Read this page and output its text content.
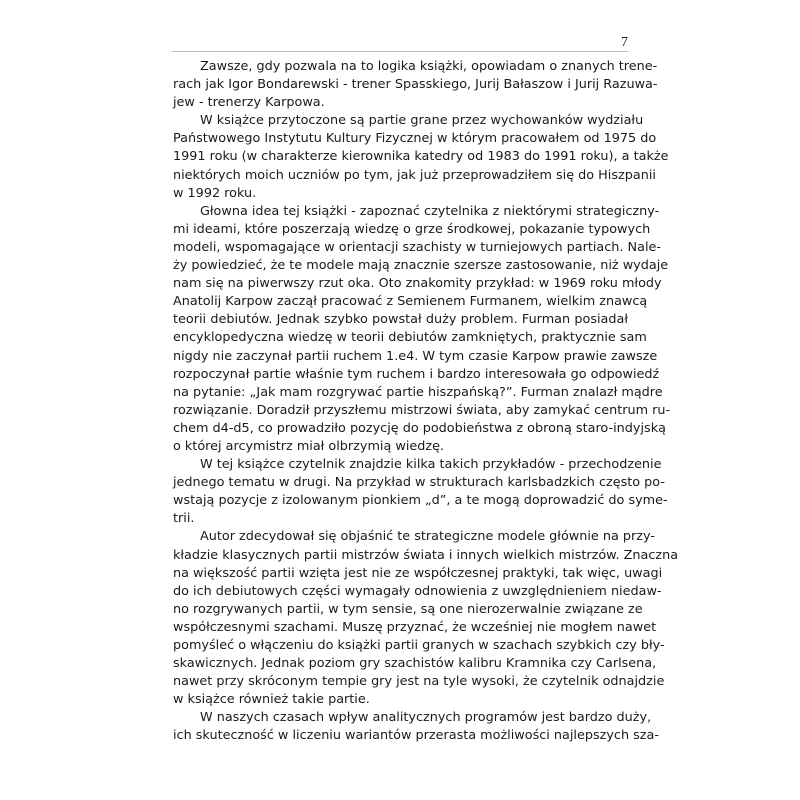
7
Zawsze, gdy pozwala na to logika książki, opowiadam o znanych trene-
rach jak Igor Bondarewski - trener Spasskiego, Jurij Bałaszow i Jurij Razuwa-
jew - trenerzy Karpowa.
W książce przytoczone są partie grane przez wychowanków wydziału
Państwowego Instytutu Kultury Fizycznej w którym pracowałem od 1975 do
1991 roku (w charakterze kierownika katedry od 1983 do 1991 roku), a także
niektórych moich uczniów po tym, jak już przeprowadziłem się do Hiszpanii
w 1992 roku.
Głowna idea tej książki - zapoznać czytelnika z niektórymi strategiczny-
mi ideami, które poszerzają wiedzę o grze środkowej, pokazanie typowych
modeli, wspomagające w orientacji szachisty w turniejowych partiach. Nale-
ży powiedzieć, że te modele mają znacznie szersze zastosowanie, niż wydaje
nam się na piwerwszy rzut oka. Oto znakomity przykład: w 1969 roku młody
Anatolij Karpow zaczął pracować z Semienem Furmanem, wielkim znawcą
teorii debiutów. Jednak szybko powstał duży problem. Furman posiadał
encyklopedyczna wiedzę w teorii debiutów zamkniętych, praktycznie sam
nigdy nie zaczynał partii ruchem 1.e4. W tym czasie Karpow prawie zawsze
rozpoczynał partie właśnie tym ruchem i bardzo interesowała go odpowiedź
na pytanie: „Jak mam rozgrywać partie hiszpańską?”. Furman znalazł mądre
rozwiązanie. Doradził przyszłemu mistrzowi świata, aby zamykać centrum ru-
chem d4-d5, co prowadziło pozycję do podobieństwa z obroną staro-indyjską
o której arcymistrz miał olbrzymią wiedzę.
W tej książce czytelnik znajdzie kilka takich przykładów - przechodzenie
jednego tematu w drugi. Na przykład w strukturach karlsbadzkich często po-
wstają pozycje z izolowanym pionkiem „d”, a te mogą doprowadzić do syme-
trii.
Autor zdecydował się objaśnić te strategiczne modele głównie na przy-
kładzie klasycznych partii mistrzów świata i innych wielkich mistrzów. Znaczna
na większość partii wzięta jest nie ze współczesnej praktyki, tak więc, uwagi
do ich debiutowych części wymagały odnowienia z uwzględnieniem niedaw-
no rozgrywanych partii, w tym sensie, są one nierozerwalnie związane ze
współczesnymi szachami. Muszę przyznać, że wcześniej nie mogłem nawet
pomyśleć o włączeniu do książki partii granych w szachach szybkich czy bły-
skawicznych. Jednak poziom gry szachistów kalibru Kramnika czy Carlsena,
nawet przy skróconym tempie gry jest na tyle wysoki, że czytelnik odnajdzie
w książce również takie partie.
W naszych czasach wpływ analitycznych programów jest bardzo duży,
ich skuteczność w liczeniu wariantów przerasta możliwości najlepszych sza-
